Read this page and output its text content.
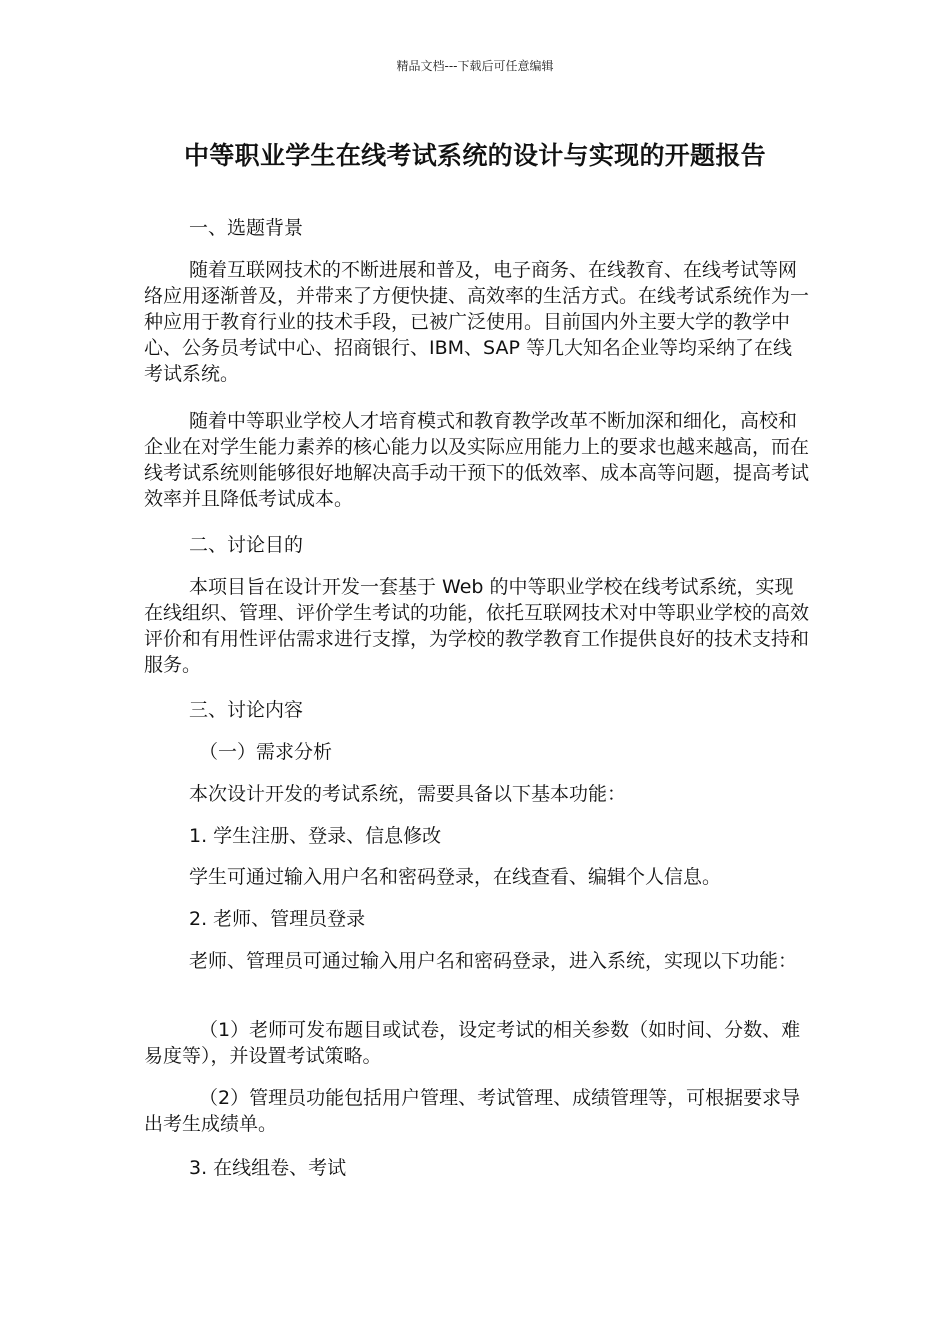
精品文档---下载后可任意编辑
中等职业学生在线考试系统的设计与实现的开题报告

一、选题背景

随着互联网技术的不断进展和普及，电子商务、在线教育、在线考试等网络应用逐渐普及，并带来了方便快捷、高效率的生活方式。在线考试系统作为一种应用于教育行业的技术手段，已被广泛使用。目前国内外主要大学的教学中心、公务员考试中心、招商银行、IBM、SAP 等几大知名企业等均采纳了在线考试系统。

随着中等职业学校人才培育模式和教育教学改革不断加深和细化，高校和企业在对学生能力素养的核心能力以及实际应用能力上的要求也越来越高，而在线考试系统则能够很好地解决高手动干预下的低效率、成本高等问题，提高考试效率并且降低考试成本。

二、讨论目的

本项目旨在设计开发一套基于 Web 的中等职业学校在线考试系统，实现在线组织、管理、评价学生考试的功能，依托互联网技术对中等职业学校的高效评价和有用性评估需求进行支撑，为学校的教学教育工作提供良好的技术支持和服务。

三、讨论内容

（一）需求分析

本次设计开发的考试系统，需要具备以下基本功能：

1. 学生注册、登录、信息修改

学生可通过输入用户名和密码登录，在线查看、编辑个人信息。

2. 老师、管理员登录

老师、管理员可通过输入用户名和密码登录，进入系统，实现以下功能：

（1）老师可发布题目或试卷，设定考试的相关参数（如时间、分数、难易度等），并设置考试策略。

（2）管理员功能包括用户管理、考试管理、成绩管理等，可根据要求导出考生成绩单。

3. 在线组卷、考试
